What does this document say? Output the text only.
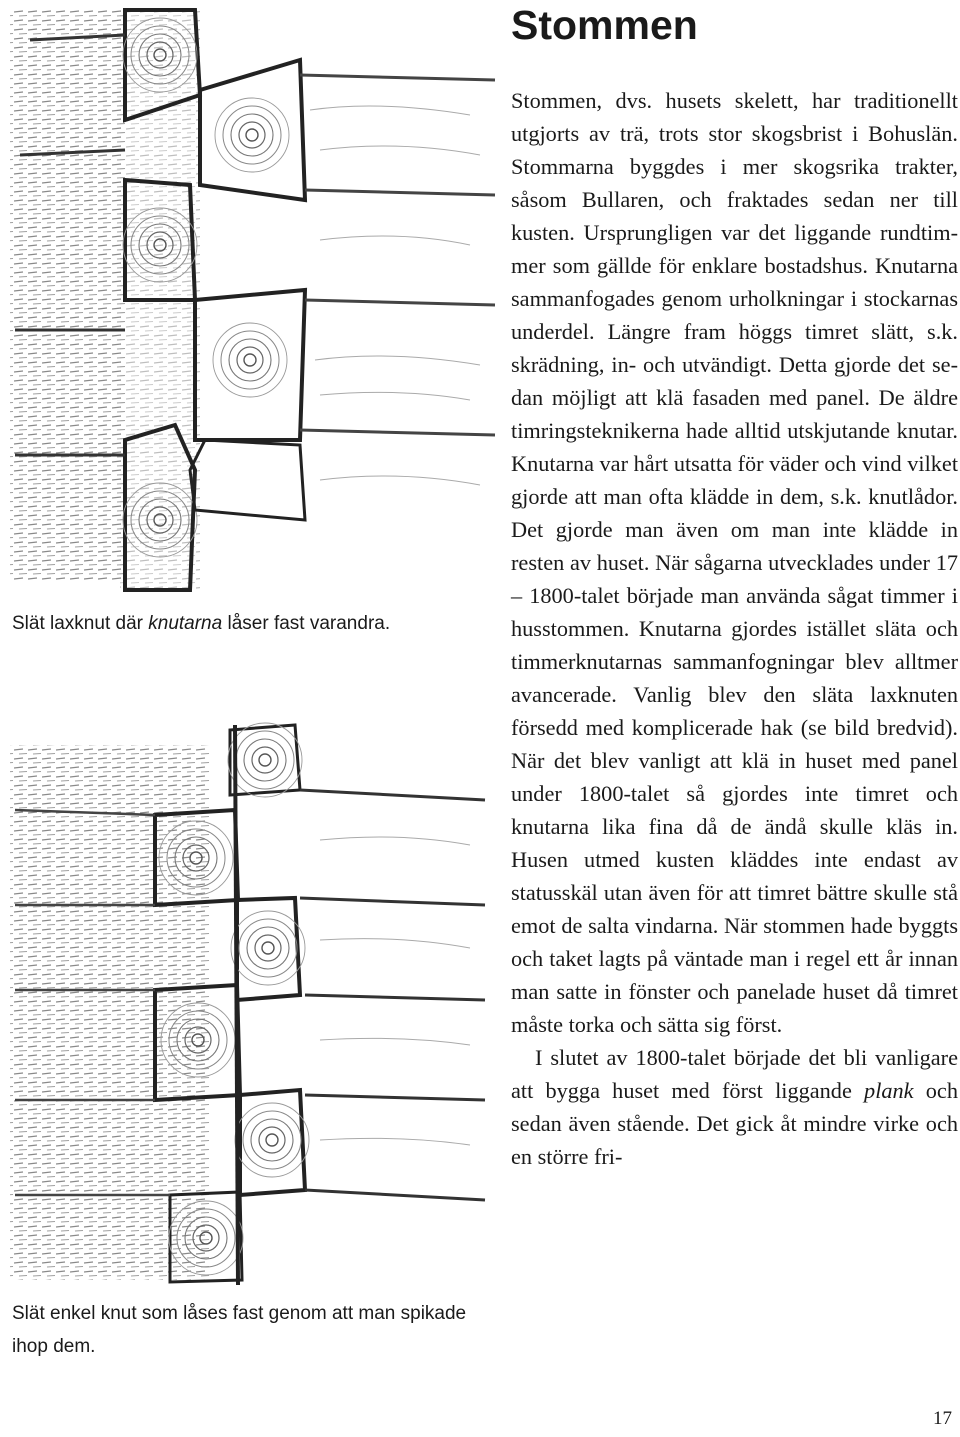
Slät laxknut där knutarna låser fast varandra.
Slät enkel knut som låses fast genom att man spikade ihop dem.
Stommen

Stommen, dvs. husets skelett, har traditionellt utgjorts av trä, trots stor skogsbrist i Bohuslän. Stommarna byggdes i mer skogsrika trakter, såsom Bullaren, och fraktades sedan ner till kusten. Ursprungligen var det liggande rundtimmer som gällde för enklare bostadshus. Knutarna sammanfogades genom urholkningar i stockarnas underdel. Längre fram höggs timret slätt, s.k. skrädning, in- och utvändigt. Detta gjorde det sedan möjligt att klä fasaden med panel. De äldre timringsteknikerna hade alltid utskjutande knutar. Knutarna var hårt utsatta för väder och vind vilket gjorde att man ofta klädde in dem, s.k. knutlådor. Det gjorde man även om man inte klädde in resten av huset. När sågarna utvecklades under 17 – 1800-talet började man använda sågat timmer i husstommen. Knutarna gjordes istället släta och timmerknutarnas sammanfogningar blev alltmer avancerade. Vanlig blev den släta laxknuten försedd med komplicerade hak (se bild bredvid). När det blev vanligt att klä in huset med panel under 1800-talet så gjordes inte timret och knutarna lika fina då de ändå skulle kläs in. Husen utmed kusten kläddes inte endast av statusskäl utan även för att timret bättre skulle stå emot de salta vindarna. När stommen hade byggts och taket lagts på väntade man i regel ett år innan man satte in fönster och panelade huset då timret måste torka och sätta sig först.

I slutet av 1800-talet började det bli vanligare att bygga huset med först liggande plank och sedan även stående. Det gick åt mindre virke och en större fri-

17
